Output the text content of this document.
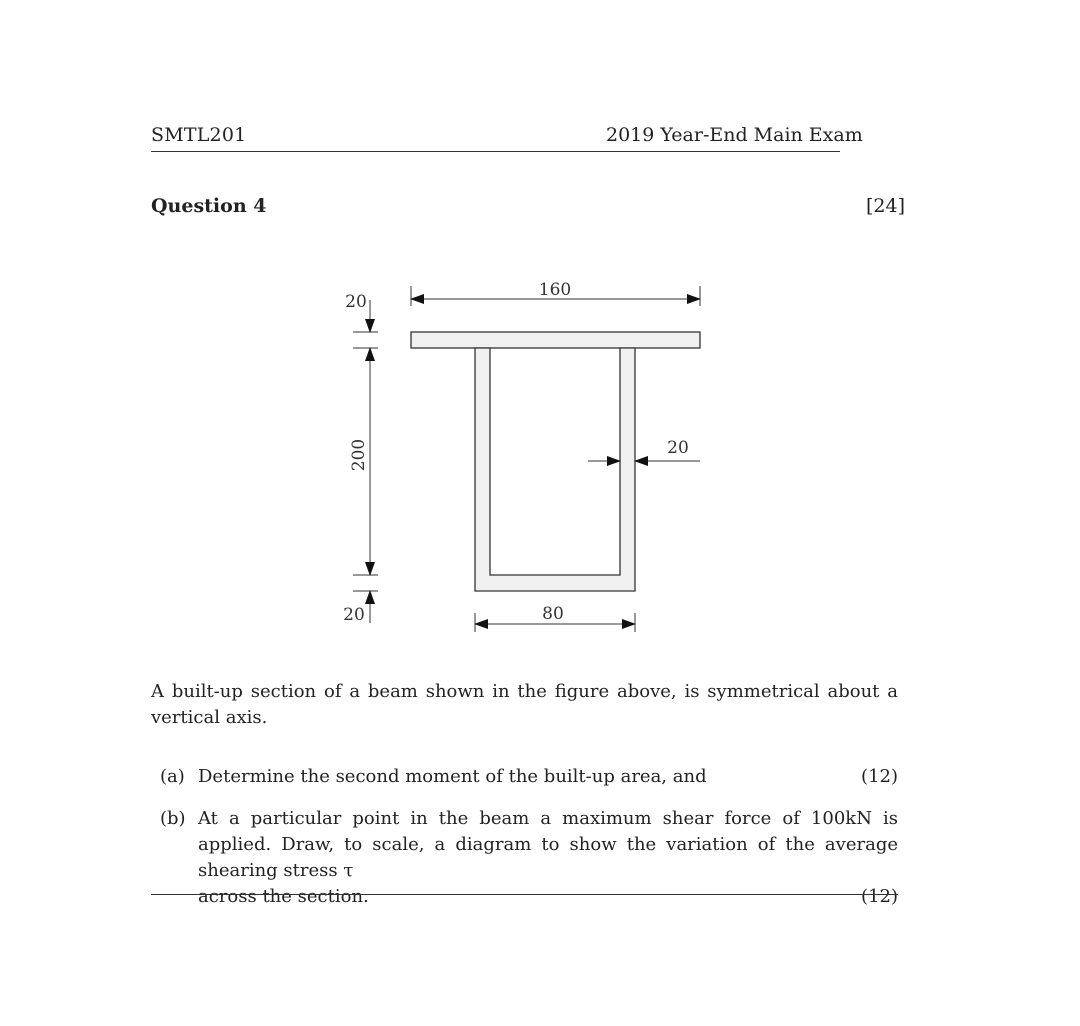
SMTL201	2019 Year-End Main Exam
Question 4	[24]
160
20
200
20
20
80
A built-up section of a beam shown in the figure above, is symmetrical about a vertical axis.
(a) Determine the second moment of the built-up area, and	(12)
(b) At a particular point in the beam a maximum shear force of 100kN is applied. Draw, to scale, a diagram to show the variation of the average shearing stress τ
across the section.	(12)
